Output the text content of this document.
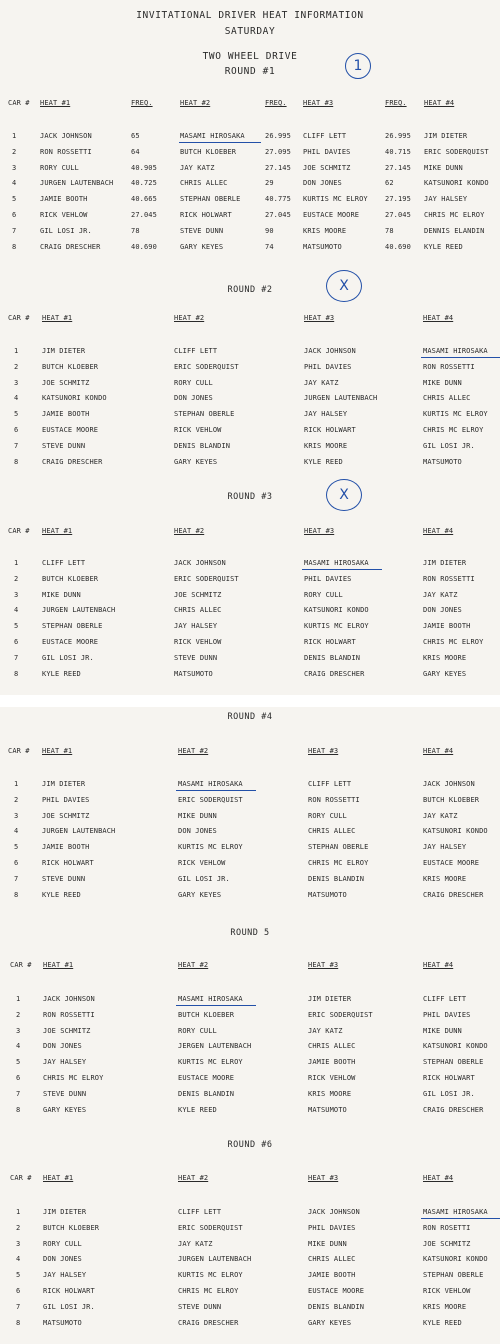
INVITATIONAL DRIVER HEAT INFORMATION
SATURDAY
TWO WHEEL DRIVE
ROUND #1	1
X
X
CAR # HEAT #1	FREQ.	HEAT #2	FREQ. HEAT #3	FREQ. HEAT #4
1	JACK JOHNSON	65	MASAMI HIROSAKA	26.995 CLIFF LETT	26.995 JIM DIETER
2	RON ROSSETTI	64	BUTCH KLOEBER	27.095 PHIL DAVIES	40.715 ERIC SODERQUIST
3	RORY CULL	40.905	JAY KATZ	27.145 JOE SCHMITZ	27.145 MIKE DUNN
4	JURGEN LAUTENBACH	40.725	CHRIS ALLEC	29	DON JONES	62	KATSUNORI KONDO
5	JAMIE BOOTH	40.665	STEPHAN OBERLE	40.775 KURTIS MC ELROY 27.195 JAY HALSEY
6	RICK VEHLOW	27.045	RICK HOLWART	27.045 EUSTACE MOORE	27.045 CHRIS MC ELROY
7	GIL LOSI JR.	78	STEVE DUNN	90	KRIS MOORE	78	DENNIS ELANDIN
8	CRAIG DRESCHER	40.690	GARY KEYES	74	MATSUMOTO	40.690 KYLE REED
ROUND #2
CAR # HEAT #1	HEAT #2	HEAT #3	HEAT #4
1	JIM DIETER	CLIFF LETT	JACK JOHNSON	MASAMI HIROSAKA
2	BUTCH KLOEBER	ERIC SODERQUIST	PHIL DAVIES	RON ROSSETTI
3	JOE SCHMITZ	RORY CULL	JAY KATZ	MIKE DUNN
4	KATSUNORI KONDO	DON JONES	JURGEN LAUTENBACH	CHRIS ALLEC
5	JAMIE BOOTH	STEPHAN OBERLE	JAY HALSEY	KURTIS MC ELROY
6	EUSTACE MOORE	RICK VEHLOW	RICK HOLWART	CHRIS MC ELROY
7	STEVE DUNN	DENIS BLANDIN	KRIS MOORE	GIL LOSI JR.
8	CRAIG DRESCHER	GARY KEYES	KYLE REED	MATSUMOTO
ROUND #3
CAR # HEAT #1	HEAT #2	HEAT #3	HEAT #4
1	CLIFF LETT	JACK JOHNSON	MASAMI HIROSAKA	JIM DIETER
2	BUTCH KLOEBER	ERIC SODERQUIST	PHIL DAVIES	RON ROSSETTI
3	MIKE DUNN	JOE SCHMITZ	RORY CULL	JAY KATZ
4	JURGEN LAUTENBACH	CHRIS ALLEC	KATSUNORI KONDO	DON JONES
5	STEPHAN OBERLE	JAY HALSEY	KURTIS MC ELROY	JAMIE BOOTH
6	EUSTACE MOORE	RICK VEHLOW	RICK HOLWART	CHRIS MC ELROY
7	GIL LOSI JR.	STEVE DUNN	DENIS BLANDIN	KRIS MOORE
8	KYLE REED	MATSUMOTO	CRAIG DRESCHER	GARY KEYES
ROUND #4
CAR # HEAT #1	HEAT #2	HEAT #3	HEAT #4
1	JIM DIETER	MASAMI HIROSAKA	CLIFF LETT	JACK JOHNSON
2	PHIL DAVIES	ERIC SODERQUIST	RON ROSSETTI	BUTCH KLOEBER
3	JOE SCHMITZ	MIKE DUNN	RORY CULL	JAY KATZ
4	JURGEN LAUTENBACH	DON JONES	CHRIS ALLEC	KATSUNORI KONDO
5	JAMIE BOOTH	KURTIS MC ELROY	STEPHAN OBERLE	JAY HALSEY
6	RICK HOLWART	RICK VEHLOW	CHRIS MC ELROY	EUSTACE MOORE
7	STEVE DUNN	GIL LOSI JR.	DENIS BLANDIN	KRIS MOORE
8	KYLE REED	GARY KEYES	MATSUMOTO	CRAIG DRESCHER
ROUND 5
CAR # HEAT #1	HEAT #2	HEAT #3	HEAT #4
1	JACK JOHNSON	MASAMI HIROSAKA	JIM DIETER	CLIFF LETT
2	RON ROSSETTI	BUTCH KLOEBER	ERIC SODERQUIST	PHIL DAVIES
3	JOE SCHMITZ	RORY CULL	JAY KATZ	MIKE DUNN
4	DON JONES	JERGEN LAUTENBACH	CHRIS ALLEC	KATSUNORI KONDO
5	JAY HALSEY	KURTIS MC ELROY	JAMIE BOOTH	STEPHAN OBERLE
6	CHRIS MC ELROY	EUSTACE MOORE	RICK VEHLOW	RICK HOLWART
7	STEVE DUNN	DENIS BLANDIN	KRIS MOORE	GIL LOSI JR.
8	GARY KEYES	KYLE REED	MATSUMOTO	CRAIG DRESCHER
ROUND #6
CAR # HEAT #1	HEAT #2	HEAT #3	HEAT #4
1	JIM DIETER	CLIFF LETT	JACK JOHNSON	MASAMI HIROSAKA
2	BUTCH KLOEBER	ERIC SODERQUIST	PHIL DAVIES	RON ROSETTI
3	RORY CULL	JAY KATZ	MIKE DUNN	JOE SCHMITZ
4	DON JONES	JURGEN LAUTENBACH	CHRIS ALLEC	KATSUNORI KONDO
5	JAY HALSEY	KURTIS MC ELROY	JAMIE BOOTH	STEPHAN OBERLE
6	RICK HOLWART	CHRIS MC ELROY	EUSTACE MOORE	RICK VEHLOW
7	GIL LOSI JR.	STEVE DUNN	DENIS BLANDIN	KRIS MOORE
8	MATSUMOTO	CRAIG DRESCHER	GARY KEYES	KYLE REED
